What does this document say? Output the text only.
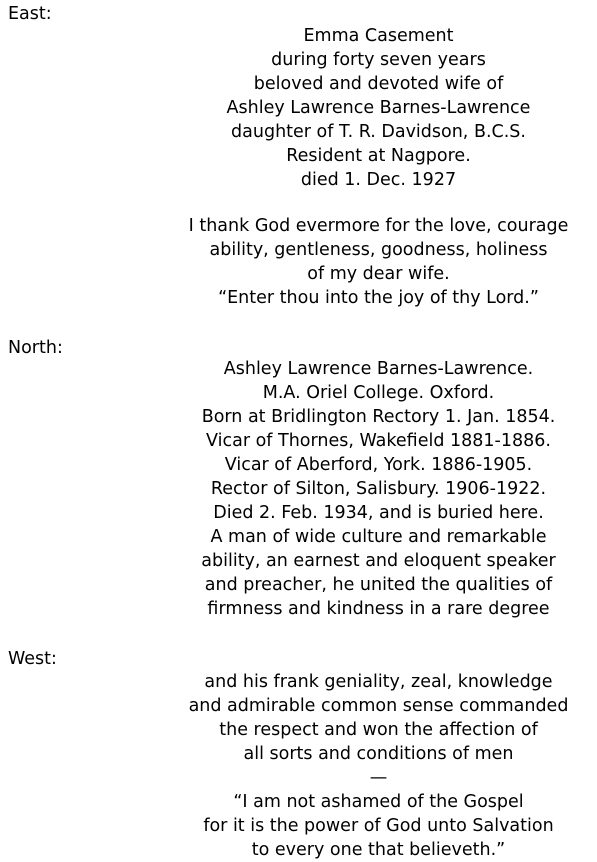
East:
Emma Casement
during forty seven years
beloved and devoted wife of
Ashley Lawrence Barnes-Lawrence
daughter of T. R. Davidson, B.C.S.
Resident at Nagpore.
died 1. Dec. 1927
I thank God evermore for the love, courage
ability, gentleness, goodness, holiness
of my dear wife.
“Enter thou into the joy of thy Lord.”
North:
Ashley Lawrence Barnes-Lawrence.
M.A. Oriel College. Oxford.
Born at Bridlington Rectory 1. Jan. 1854.
Vicar of Thornes, Wakefield 1881-1886.
Vicar of Aberford, York. 1886-1905.
Rector of Silton, Salisbury. 1906-1922.
Died 2. Feb. 1934, and is buried here.
A man of wide culture and remarkable
ability, an earnest and eloquent speaker
and preacher, he united the qualities of
firmness and kindness in a rare degree
West:
and his frank geniality, zeal, knowledge
and admirable common sense commanded
the respect and won the affection of
all sorts and conditions of men
—
“I am not ashamed of the Gospel
for it is the power of God unto Salvation
to every one that believeth.”
